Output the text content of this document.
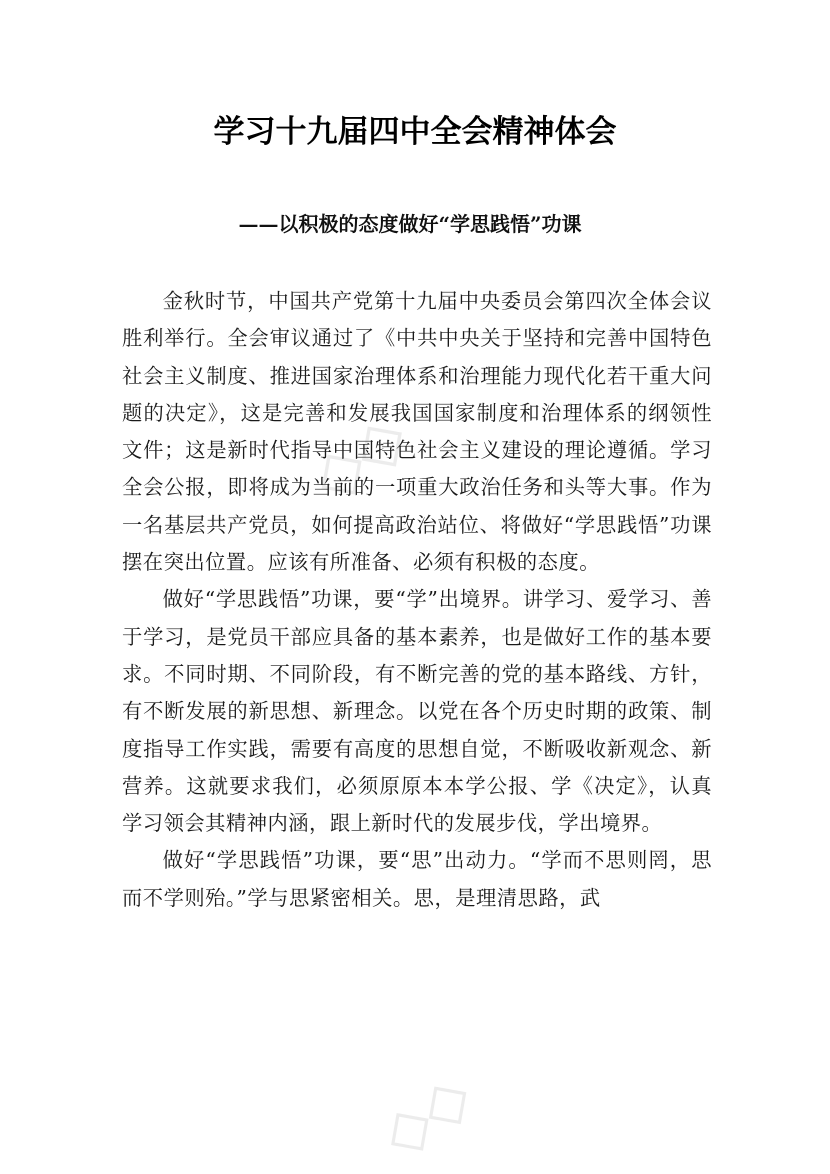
◇◇
◇◇
学习十九届四中全会精神体会
——以积极的态度做好“学思践悟”功课

金秋时节，中国共产党第十九届中央委员会第四次全体会议胜利举行。全会审议通过了《中共中央关于坚持和完善中国特色社会主义制度、推进国家治理体系和治理能力现代化若干重大问题的决定》，这是完善和发展我国国家制度和治理体系的纲领性文件；这是新时代指导中国特色社会主义建设的理论遵循。学习全会公报，即将成为当前的一项重大政治任务和头等大事。作为一名基层共产党员，如何提高政治站位、将做好“学思践悟”功课摆在突出位置。应该有所准备、必须有积极的态度。

做好“学思践悟”功课，要“学”出境界。讲学习、爱学习、善于学习，是党员干部应具备的基本素养，也是做好工作的基本要求。不同时期、不同阶段，有不断完善的党的基本路线、方针，有不断发展的新思想、新理念。以党在各个历史时期的政策、制度指导工作实践，需要有高度的思想自觉，不断吸收新观念、新营养。这就要求我们，必须原原本本学公报、学《决定》，认真学习领会其精神内涵，跟上新时代的发展步伐，学出境界。

做好“学思践悟”功课，要“思”出动力。“学而不思则罔，思而不学则殆。”学与思紧密相关。思，是理清思路，武
